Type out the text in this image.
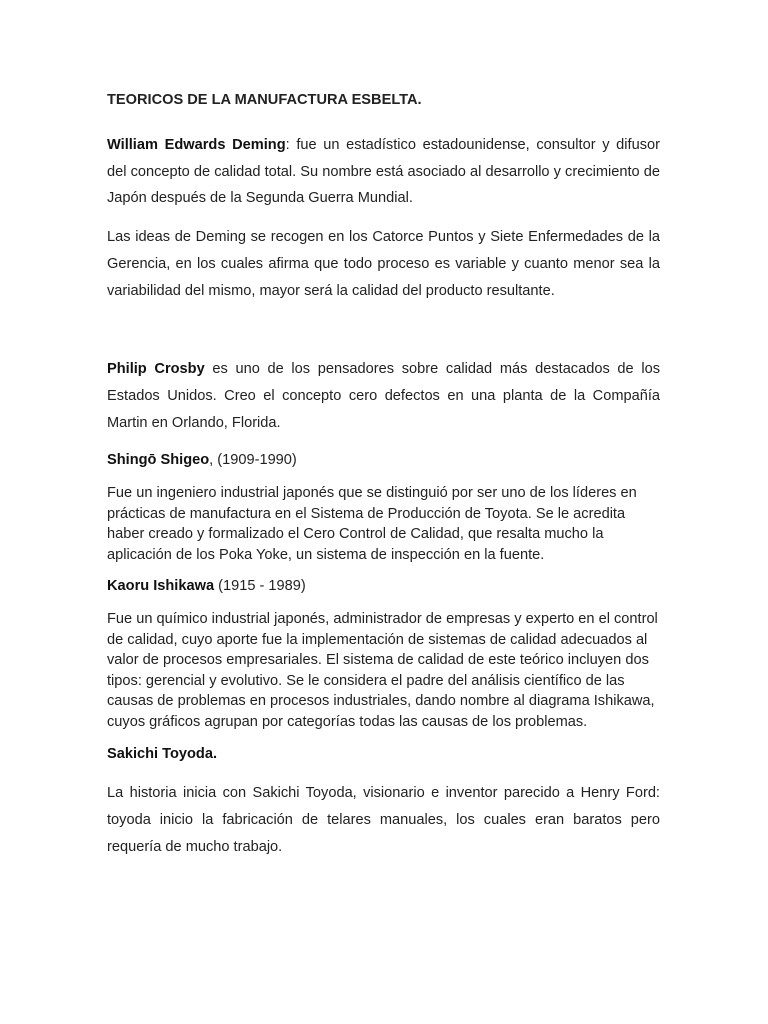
TEORICOS DE LA MANUFACTURA ESBELTA.

William Edwards Deming: fue un estadístico estadounidense, consultor y difusor del concepto de calidad total. Su nombre está asociado al desarrollo y crecimiento de Japón después de la Segunda Guerra Mundial.

Las ideas de Deming se recogen en los Catorce Puntos y Siete Enfermedades de la Gerencia, en los cuales afirma que todo proceso es variable y cuanto menor sea la variabilidad del mismo, mayor será la calidad del producto resultante.

Philip Crosby es uno de los pensadores sobre calidad más destacados de los Estados Unidos. Creo el concepto cero defectos en una planta de la Compañía Martin en Orlando, Florida.

Shingō Shigeo, (1909-1990)

Fue un ingeniero industrial japonés que se distinguió por ser uno de los líderes en prácticas de manufactura en el Sistema de Producción de Toyota. Se le acredita haber creado y formalizado el Cero Control de Calidad, que resalta mucho la aplicación de los Poka Yoke, un sistema de inspección en la fuente.

Kaoru Ishikawa (1915 - 1989)

Fue un químico industrial japonés, administrador de empresas y experto en el control de calidad, cuyo aporte fue la implementación de sistemas de calidad adecuados al valor de procesos empresariales. El sistema de calidad de este teórico incluyen dos tipos: gerencial y evolutivo. Se le considera el padre del análisis científico de las causas de problemas en procesos industriales, dando nombre al diagrama Ishikawa, cuyos gráficos agrupan por categorías todas las causas de los problemas.

Sakichi Toyoda.

La historia inicia con Sakichi Toyoda, visionario e inventor parecido a Henry Ford: toyoda inicio la fabricación de telares manuales, los cuales eran baratos pero requería de mucho trabajo.
